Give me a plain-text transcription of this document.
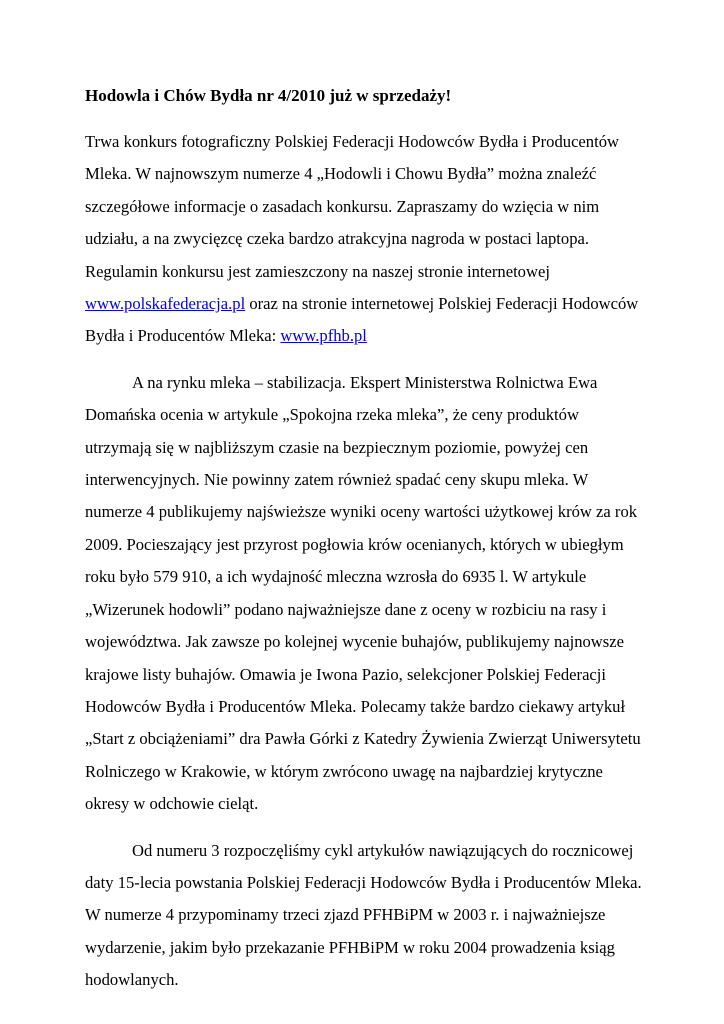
Hodowla i Chów Bydła nr 4/2010 już w sprzedaży!

Trwa konkurs fotograficzny Polskiej Federacji Hodowców Bydła i Producentów Mleka. W najnowszym numerze 4 „Hodowli i Chowu Bydła” można znaleźć szczegółowe informacje o zasadach konkursu. Zapraszamy do wzięcia w nim udziału, a na zwycięzcę czeka bardzo atrakcyjna nagroda w postaci laptopa. Regulamin konkursu jest zamieszczony na naszej stronie internetowej www.polskafederacja.pl oraz na stronie internetowej Polskiej Federacji Hodowców Bydła i Producentów Mleka: www.pfhb.pl

A na rynku mleka – stabilizacja. Ekspert Ministerstwa Rolnictwa Ewa Domańska ocenia w artykule „Spokojna rzeka mleka”, że ceny produktów utrzymają się w najbliższym czasie na bezpiecznym poziomie, powyżej cen interwencyjnych. Nie powinny zatem również spadać ceny skupu mleka. W numerze 4 publikujemy najświeższe wyniki oceny wartości użytkowej krów za rok 2009. Pocieszający jest przyrost pogłowia krów ocenianych, których w ubiegłym roku było 579 910, a ich wydajność mleczna wzrosła do 6935 l. W artykule „Wizerunek hodowli” podano najważniejsze dane z oceny w rozbiciu na rasy i województwa. Jak zawsze po kolejnej wycenie buhajów, publikujemy najnowsze krajowe listy buhajów. Omawia je Iwona Pazio, selekcjoner Polskiej Federacji Hodowców Bydła i Producentów Mleka. Polecamy także bardzo ciekawy artykuł „Start z obciążeniami” dra Pawła Górki z Katedry Żywienia Zwierząt Uniwersytetu Rolniczego w Krakowie, w którym zwrócono uwagę na najbardziej krytyczne okresy w odchowie cieląt.

Od numeru 3 rozpoczęliśmy cykl artykułów nawiązujących do rocznicowej daty 15-lecia powstania Polskiej Federacji Hodowców Bydła i Producentów Mleka. W numerze 4 przypominamy trzeci zjazd PFHBiPM w 2003 r. i najważniejsze wydarzenie, jakim było przekazanie PFHBiPM w roku 2004 prowadzenia ksiąg hodowlanych.
